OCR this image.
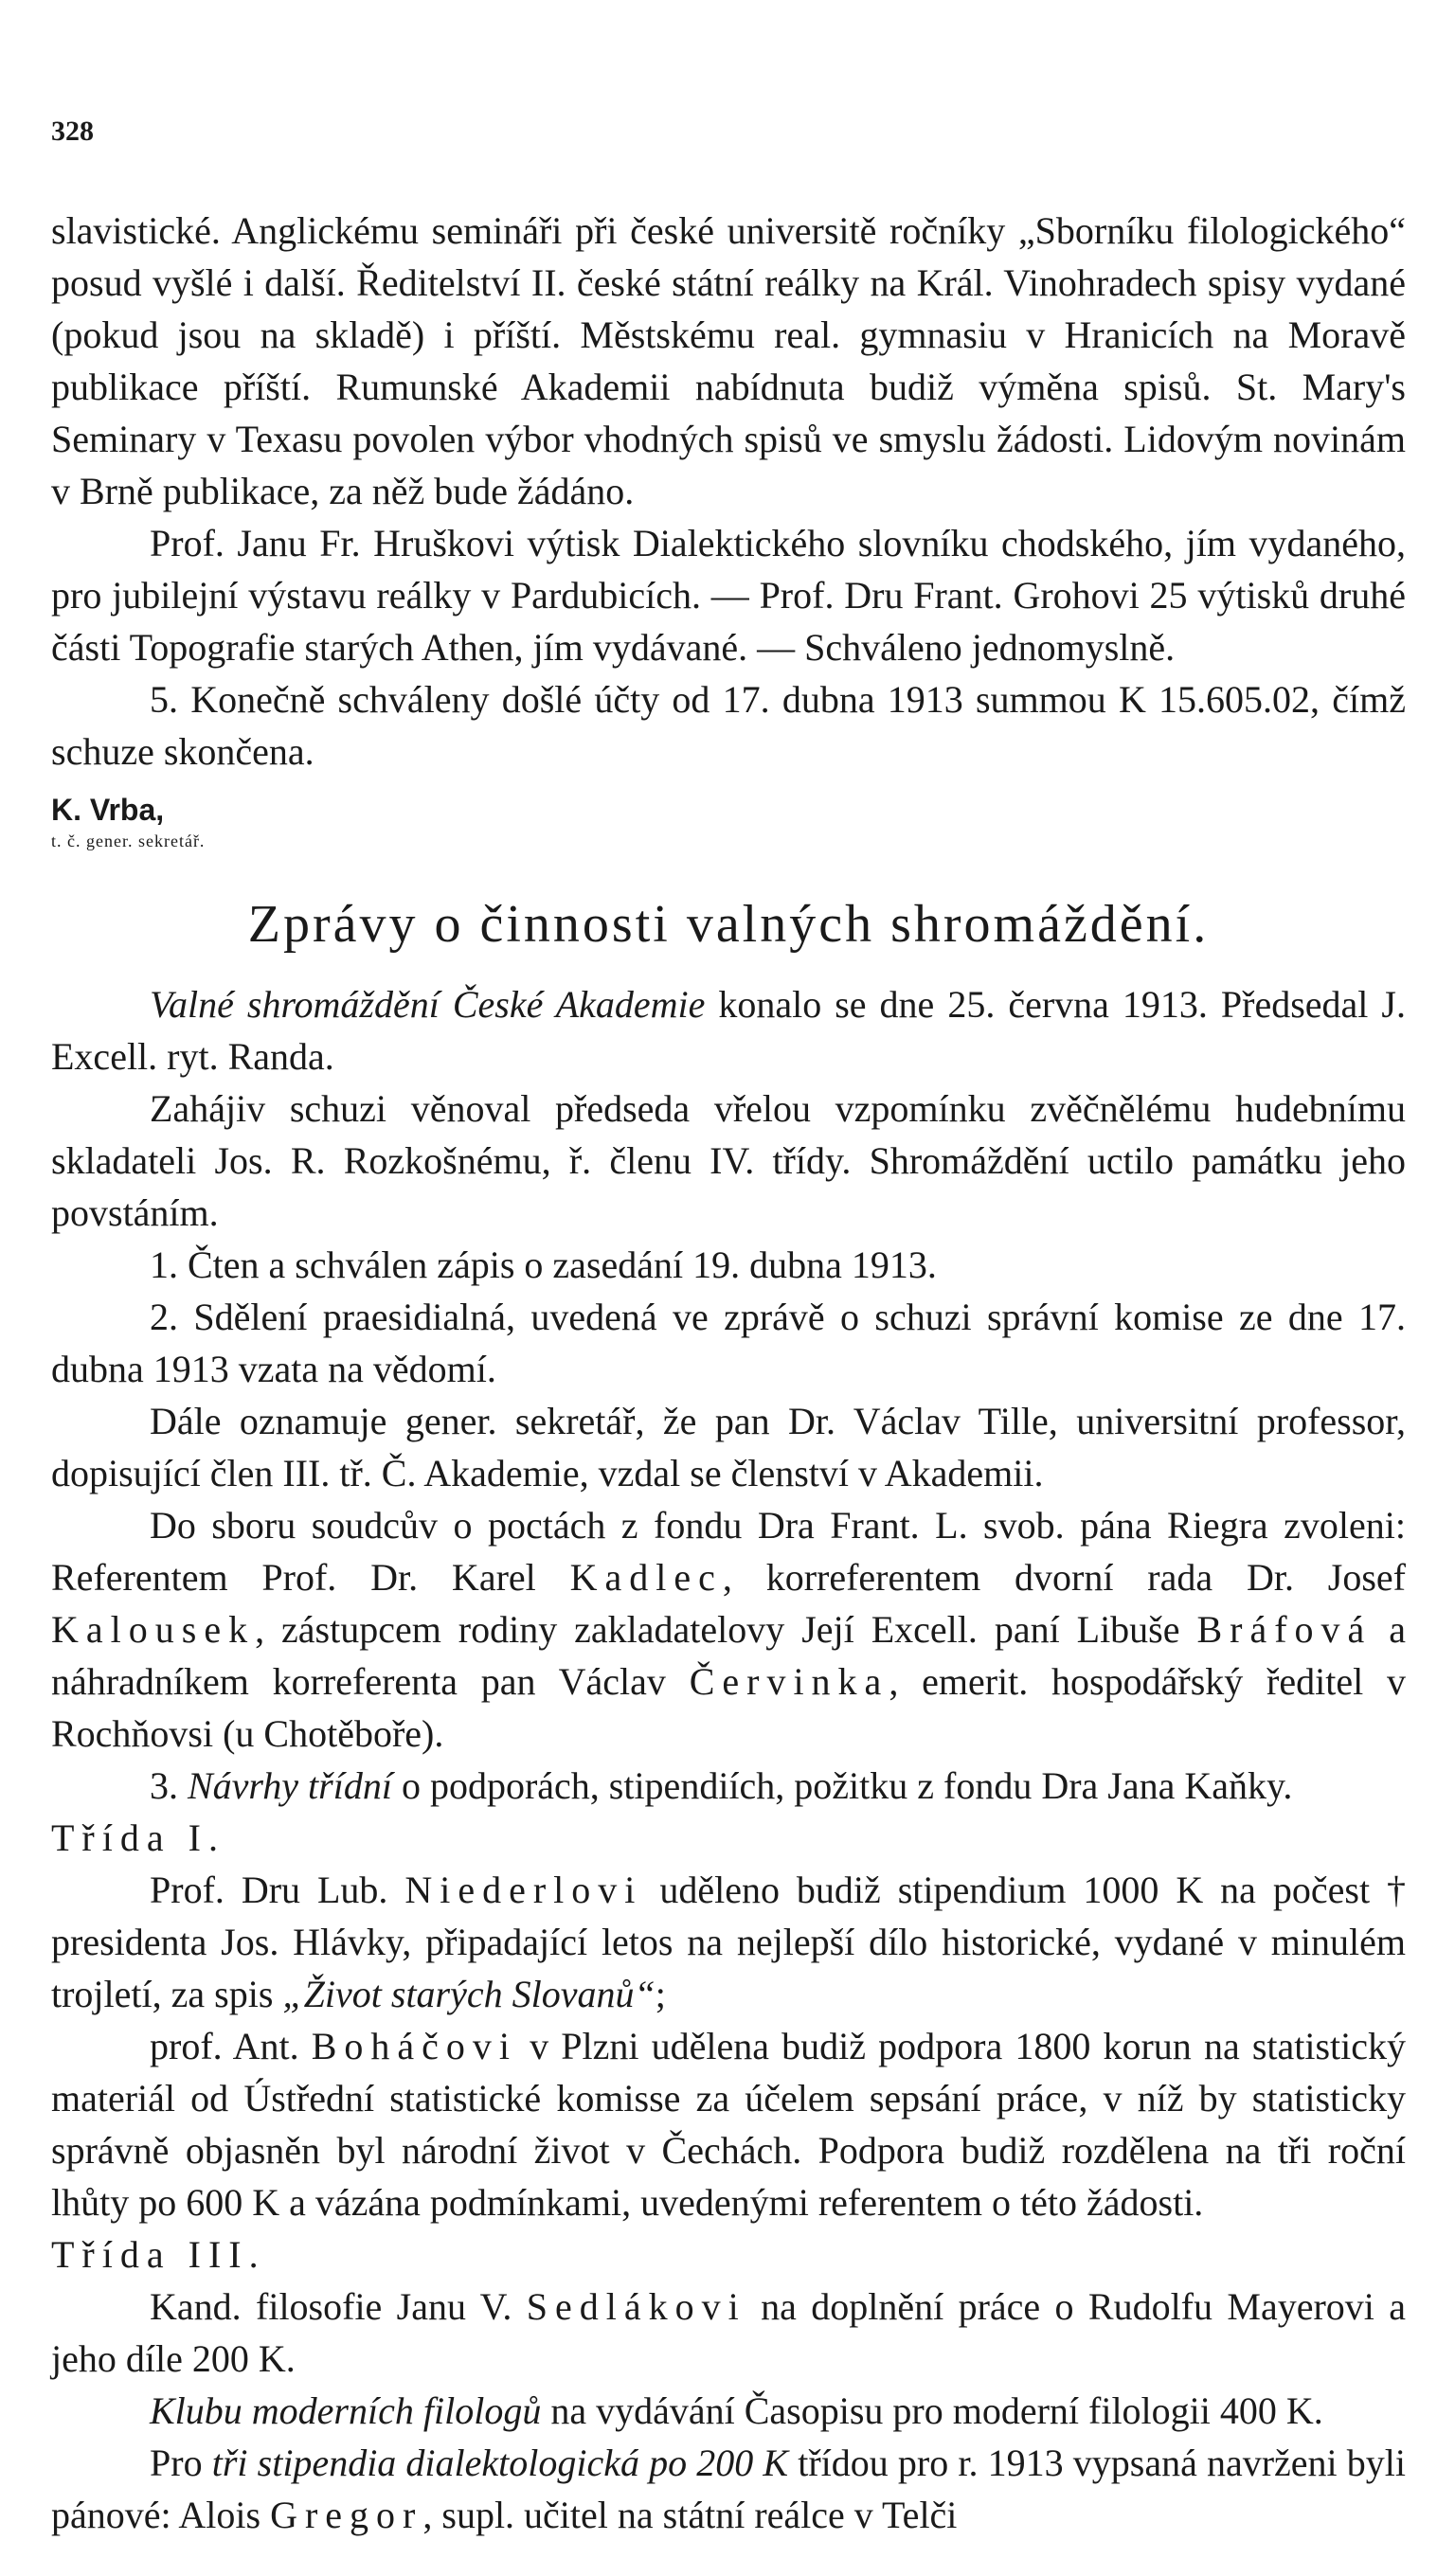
328

slavistické. Anglickému semináři při české universitě ročníky „Sborníku filologického“ posud vyšlé i další. Ředitelství II. české státní reálky na Král. Vinohradech spisy vydané (pokud jsou na skladě) i příští. Městskému real. gymnasiu v Hranicích na Moravě publikace příští. Rumunské Akademii nabídnuta budiž výměna spisů. St. Mary's Seminary v Texasu povolen výbor vhodných spisů ve smyslu žádosti. Lidovým novinám v Brně publikace, za něž bude žádáno.

Prof. Janu Fr. Hruškovi výtisk Dialektického slovníku chodského, jím vydaného, pro jubilejní výstavu reálky v Pardubicích. — Prof. Dru Frant. Grohovi 25 výtisků druhé části Topografie starých Athen, jím vydávané. — Schváleno jednomyslně.

5. Konečně schváleny došlé účty od 17. dubna 1913 summou K 15.605.02, čímž schuze skončena.

K. Vrba,

t. č. gener. sekretář.

Zprávy o činnosti valných shromáždění.

Valné shromáždění České Akademie konalo se dne 25. června 1913. Předsedal J. Excell. ryt. Randa.

Zahájiv schuzi věnoval předseda vřelou vzpomínku zvěčnělému hudebnímu skladateli Jos. R. Rozkošnému, ř. členu IV. třídy. Shromáždění uctilo památku jeho povstáním.

1. Čten a schválen zápis o zasedání 19. dubna 1913.

2. Sdělení praesidialná, uvedená ve zprávě o schuzi správní komise ze dne 17. dubna 1913 vzata na vědomí.

Dále oznamuje gener. sekretář, že pan Dr. Václav Tille, universitní professor, dopisující člen III. tř. Č. Akademie, vzdal se členství v Akademii.

Do sboru soudcův o poctách z fondu Dra Frant. L. svob. pána Riegra zvoleni: Referentem Prof. Dr. Karel Kadlec, korreferentem dvorní rada Dr. Josef Kalousek, zástupcem rodiny zakladatelovy Její Excell. paní Libuše Bráfová a náhradníkem korreferenta pan Václav Červinka, emerit. hospodářský ředitel v Rochňovsi (u Chotěboře).

3. Návrhy třídní o podporách, stipendiích, požitku z fondu Dra Jana Kaňky.

Třída I.

Prof. Dru Lub. Niederlovi uděleno budiž stipendium 1000 K na počest † presidenta Jos. Hlávky, připadající letos na nejlepší dílo historické, vydané v minulém trojletí, za spis „Život starých Slovanů“;

prof. Ant. Boháčovi v Plzni udělena budiž podpora 1800 korun na statistický materiál od Ústřední statistické komisse za účelem sepsání práce, v níž by statisticky správně objasněn byl národní život v Čechách. Podpora budiž rozdělena na tři roční lhůty po 600 K a vázána podmínkami, uvedenými referentem o této žádosti.

Třída III.

Kand. filosofie Janu V. Sedlákovi na doplnění práce o Rudolfu Mayerovi a jeho díle 200 K.

Klubu moderních filologů na vydávání Časopisu pro moderní filologii 400 K.

Pro tři stipendia dialektologická po 200 K třídou pro r. 1913 vypsaná navrženi byli pánové: Alois Gregor, supl. učitel na státní reálce v Telči
